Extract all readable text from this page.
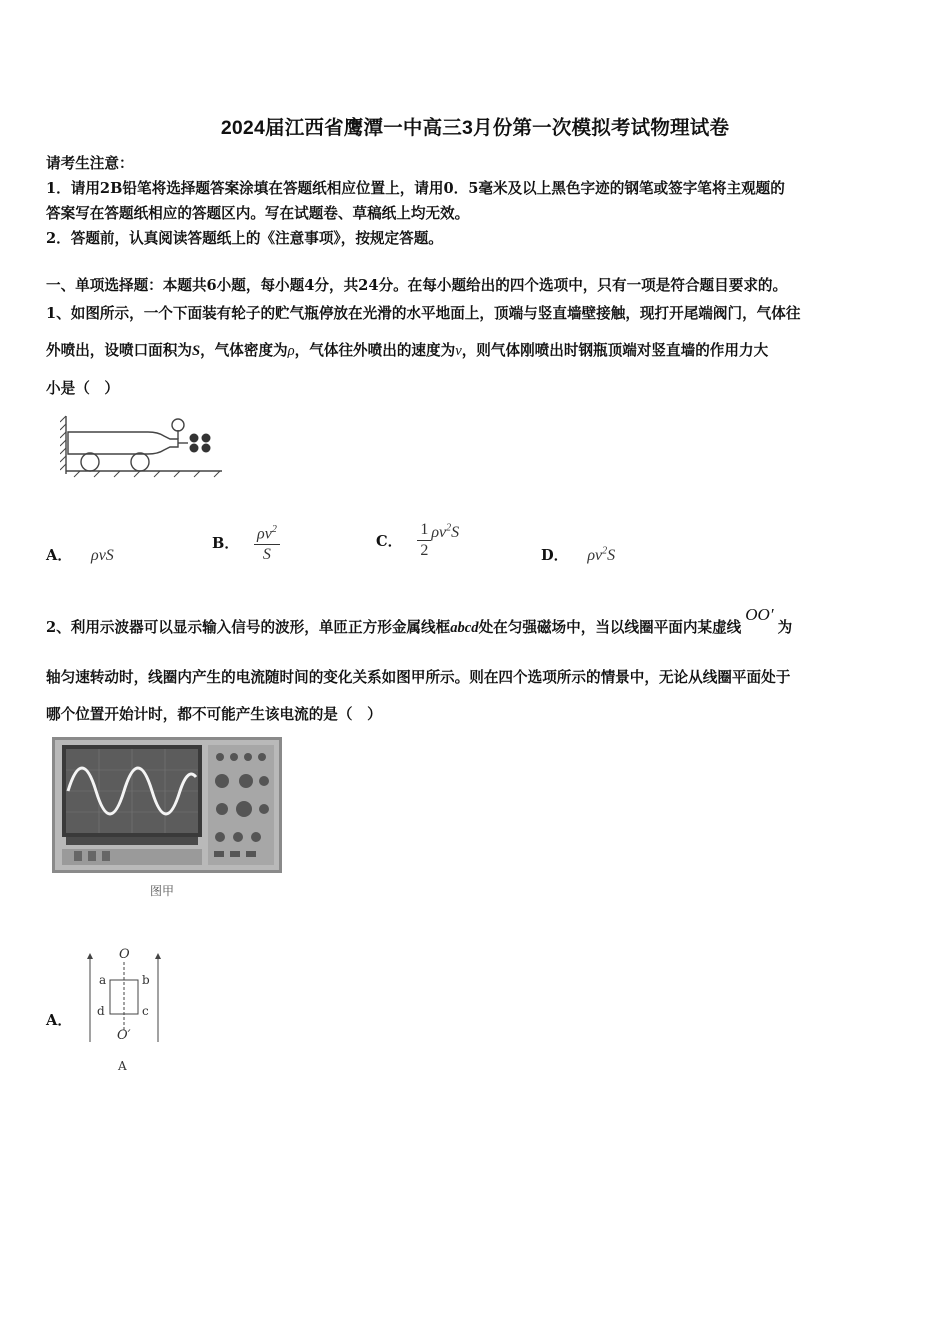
2024届江西省鹰潭一中高三3月份第一次模拟考试物理试卷
请考生注意：
1．请用2B铅笔将选择题答案涂填在答题纸相应位置上，请用0．5毫米及以上黑色字迹的钢笔或签字笔将主观题的
答案写在答题纸相应的答题区内。写在试题卷、草稿纸上均无效。
2．答题前，认真阅读答题纸上的《注意事项》，按规定答题。
一、单项选择题：本题共6小题，每小题4分，共24分。在每小题给出的四个选项中，只有一项是符合题目要求的。
1、如图所示，一个下面装有轮子的贮气瓶停放在光滑的水平地面上，顶端与竖直墙壁接触，现打开尾端阀门，气体往
外喷出，设喷口面积为S，气体密度为ρ，气体往外喷出的速度为v，则气体刚喷出时钢瓶顶端对竖直墙的作用力大
小是（　）
A． ρvS
B． $\frac{\rho v^2}{S}$	C． $\frac{1}{2} \rho v^2S$
D． $\rho v^2S$
2、利用示波器可以显示输入信号的波形，单匝正方形金属线框abcd处在匀强磁场中，当以线圈平面内某虚线OO′为
轴匀速转动时，线圈内产生的电流随时间的变化关系如图甲所示。则在四个选项所示的情景中，无论从线圈平面处于
哪个位置开始计时，都不可能产生该电流的是（　）
图甲
A．
O
O′
a	b
c
d
A
